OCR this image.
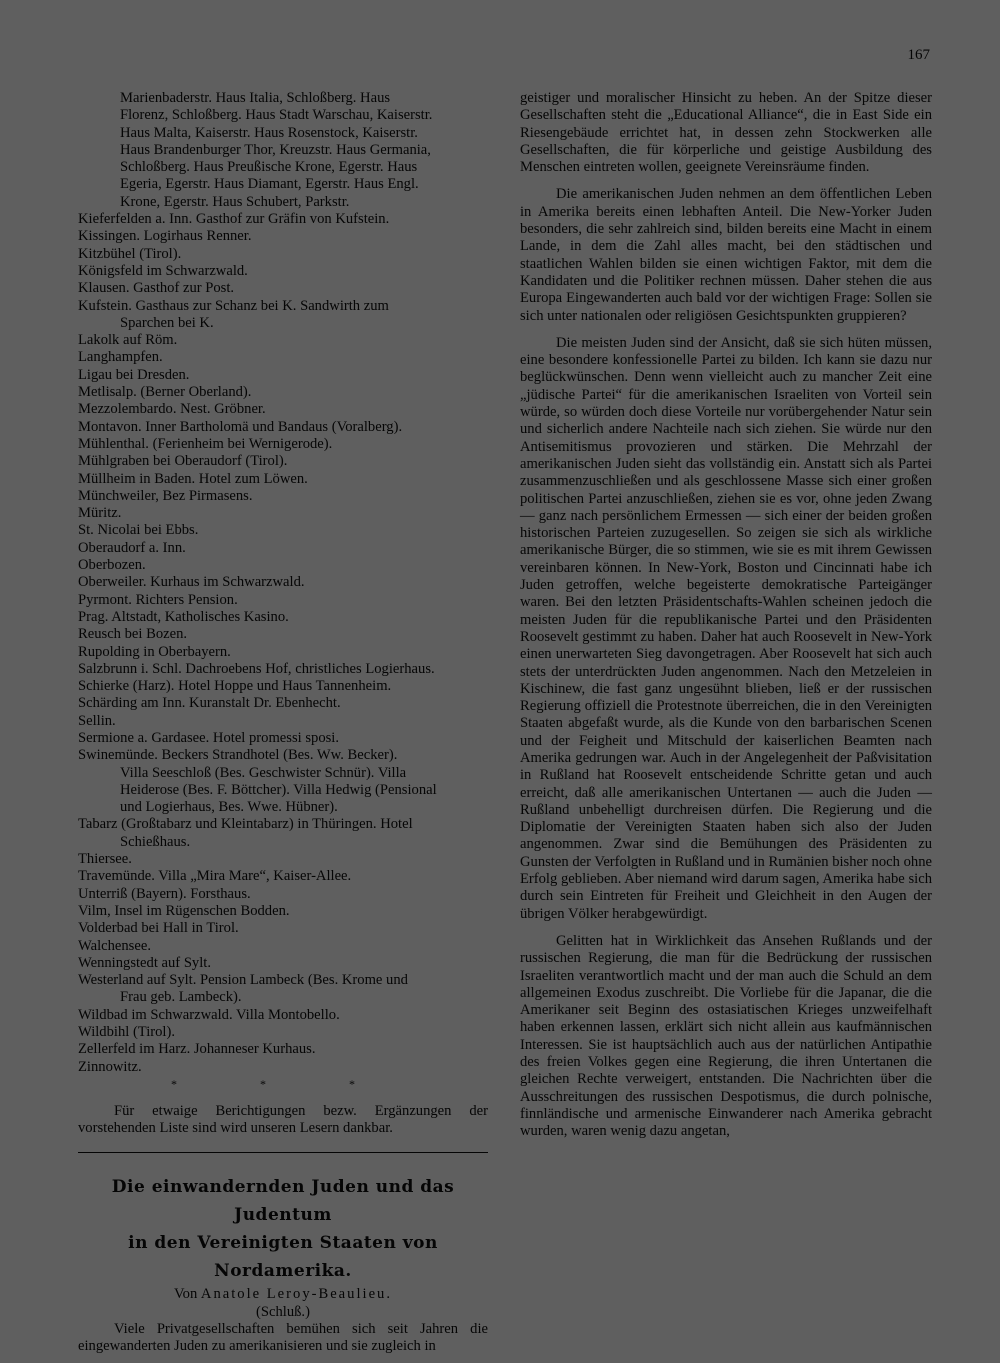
167
Marienbaderstr. Haus Italia, Schloßberg. Haus
Florenz, Schloßberg. Haus Stadt Warschau, Kaiserstr.
Haus Malta, Kaiserstr. Haus Rosenstock, Kaiserstr.
Haus Brandenburger Thor, Kreuzstr. Haus Germania,
Schloßberg. Haus Preußische Krone, Egerstr. Haus
Egeria, Egerstr. Haus Diamant, Egerstr. Haus Engl.
Krone, Egerstr. Haus Schubert, Parkstr.
Kieferfelden a. Inn. Gasthof zur Gräfin von Kufstein.
Kissingen. Logirhaus Renner.
Kitzbühel (Tirol).
Königsfeld im Schwarzwald.
Klausen. Gasthof zur Post.
Kufstein. Gasthaus zur Schanz bei K. Sandwirth zum
Sparchen bei K.
Lakolk auf Röm.
Langhampfen.
Ligau bei Dresden.
Metlisalp. (Berner Oberland).
Mezzolembardo. Nest. Gröbner.
Montavon. Inner Bartholomä und Bandaus (Voralberg).
Mühlenthal. (Ferienheim bei Wernigerode).
Mühlgraben bei Oberaudorf (Tirol).
Müllheim in Baden. Hotel zum Löwen.
Münchweiler, Bez Pirmasens.
Müritz.
St. Nicolai bei Ebbs.
Oberaudorf a. Inn.
Oberbozen.
Oberweiler. Kurhaus im Schwarzwald.
Pyrmont. Richters Pension.
Prag. Altstadt, Katholisches Kasino.
Reusch bei Bozen.
Rupolding in Oberbayern.
Salzbrunn i. Schl. Dachroebens Hof, christliches Logierhaus.
Schierke (Harz). Hotel Hoppe und Haus Tannenheim.
Schärding am Inn. Kuranstalt Dr. Ebenhecht.
Sellin.
Sermione a. Gardasee. Hotel promessi sposi.
Swinemünde. Beckers Strandhotel (Bes. Ww. Becker).
Villa Seeschloß (Bes. Geschwister Schnür). Villa
Heiderose (Bes. F. Böttcher). Villa Hedwig (Pensional
und Logierhaus, Bes. Wwe. Hübner).
Tabarz (Großtabarz und Kleintabarz) in Thüringen. Hotel
Schießhaus.
Thiersee.
Travemünde. Villa „Mira Mare“, Kaiser-Allee.
Unterriß (Bayern). Forsthaus.
Vilm, Insel im Rügenschen Bodden.
Volderbad bei Hall in Tirol.
Walchensee.
Wenningstedt auf Sylt.
Westerland auf Sylt. Pension Lambeck (Bes. Krome und
Frau geb. Lambeck).
Wildbad im Schwarzwald. Villa Montobello.
Wildbihl (Tirol).
Zellerfeld im Harz. Johanneser Kurhaus.
Zinnowitz.
* * *

Für etwaige Berichtigungen bezw. Ergänzungen der vorstehenden Liste sind wird unseren Lesern dankbar.

Die einwandernden Juden und das Judentum
in den Vereinigten Staaten von
Nordamerika.
Von Anatole Leroy-Beaulieu.
(Schluß.)

Viele Privatgesellschaften bemühen sich seit Jahren die eingewanderten Juden zu amerikanisieren und sie zugleich in

geistiger und moralischer Hinsicht zu heben. An der Spitze dieser Gesellschaften steht die „Educational Alliance“, die in East Side ein Riesengebäude errichtet hat, in dessen zehn Stockwerken alle Gesellschaften, die für körperliche und geistige Ausbildung des Menschen eintreten wollen, geeignete Vereinsräume finden.

Die amerikanischen Juden nehmen an dem öffentlichen Leben in Amerika bereits einen lebhaften Anteil. Die New-Yorker Juden besonders, die sehr zahlreich sind, bilden bereits eine Macht in einem Lande, in dem die Zahl alles macht, bei den städtischen und staatlichen Wahlen bilden sie einen wichtigen Faktor, mit dem die Kandidaten und die Politiker rechnen müssen. Daher stehen die aus Europa Eingewanderten auch bald vor der wichtigen Frage: Sollen sie sich unter nationalen oder religiösen Gesichtspunkten gruppieren?

Die meisten Juden sind der Ansicht, daß sie sich hüten müssen, eine besondere konfessionelle Partei zu bilden. Ich kann sie dazu nur beglückwünschen. Denn wenn vielleicht auch zu mancher Zeit eine „jüdische Partei“ für die amerikanischen Israeliten von Vorteil sein würde, so würden doch diese Vorteile nur vorübergehender Natur sein und sicherlich andere Nachteile nach sich ziehen. Sie würde nur den Antisemitismus provozieren und stärken. Die Mehrzahl der amerikanischen Juden sieht das vollständig ein. Anstatt sich als Partei zusammenzuschließen und als geschlossene Masse sich einer großen politischen Partei anzuschließen, ziehen sie es vor, ohne jeden Zwang — ganz nach persönlichem Ermessen — sich einer der beiden großen historischen Parteien zuzugesellen. So zeigen sie sich als wirkliche amerikanische Bürger, die so stimmen, wie sie es mit ihrem Gewissen vereinbaren können. In New-York, Boston und Cincinnati habe ich Juden getroffen, welche begeisterte demokratische Parteigänger waren. Bei den letzten Präsidentschafts-Wahlen scheinen jedoch die meisten Juden für die republikanische Partei und den Präsidenten Roosevelt gestimmt zu haben. Daher hat auch Roosevelt in New-York einen unerwarteten Sieg davongetragen. Aber Roosevelt hat sich auch stets der unterdrückten Juden angenommen. Nach den Metzeleien in Kischinew, die fast ganz ungesühnt blieben, ließ er der russischen Regierung offiziell die Protestnote überreichen, die in den Vereinigten Staaten abgefaßt wurde, als die Kunde von den barbarischen Scenen und der Feigheit und Mitschuld der kaiserlichen Beamten nach Amerika gedrungen war. Auch in der Angelegenheit der Paßvisitation in Rußland hat Roosevelt entscheidende Schritte getan und auch erreicht, daß alle amerikanischen Untertanen — auch die Juden — Rußland unbehelligt durchreisen dürfen. Die Regierung und die Diplomatie der Vereinigten Staaten haben sich also der Juden angenommen. Zwar sind die Bemühungen des Präsidenten zu Gunsten der Verfolgten in Rußland und in Rumänien bisher noch ohne Erfolg geblieben. Aber niemand wird darum sagen, Amerika habe sich durch sein Eintreten für Freiheit und Gleichheit in den Augen der übrigen Völker herabgewürdigt.

Gelitten hat in Wirklichkeit das Ansehen Rußlands und der russischen Regierung, die man für die Bedrückung der russischen Israeliten verantwortlich macht und der man auch die Schuld an dem allgemeinen Exodus zuschreibt. Die Vorliebe für die Japanar, die die Amerikaner seit Beginn des ostasiatischen Krieges unzweifelhaft haben erkennen lassen, erklärt sich nicht allein aus kaufmännischen Interessen. Sie ist hauptsächlich auch aus der natürlichen Antipathie des freien Volkes gegen eine Regierung, die ihren Untertanen die gleichen Rechte verweigert, entstanden. Die Nachrichten über die Ausschreitungen des russischen Despotismus, die durch polnische, finnländische und armenische Einwanderer nach Amerika gebracht wurden, waren wenig dazu angetan,
